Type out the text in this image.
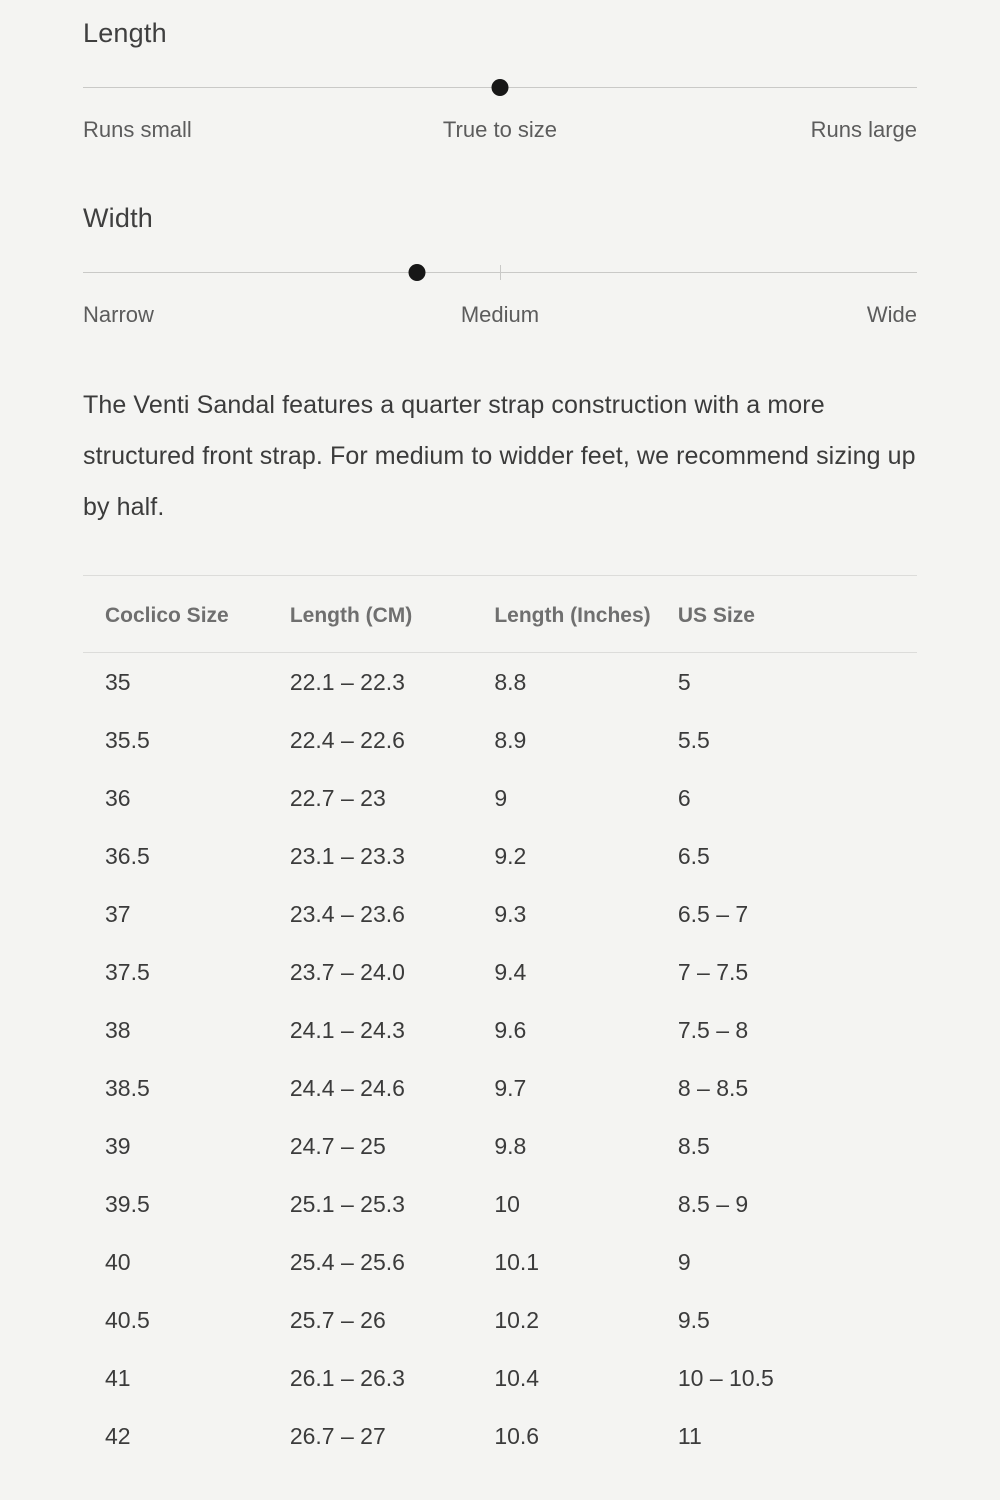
Length
Runs small	True to size	Runs large
Width
Narrow	Medium	Wide

The Venti Sandal features a quarter strap construction with a more structured front strap. For medium to widder feet, we recommend sizing up by half.

Coclico Size	Length (CM)	Length (Inches)	US Size
35	22.1 – 22.3	8.8	5
35.5	22.4 – 22.6	8.9	5.5
36	22.7 – 23	9	6
36.5	23.1 – 23.3	9.2	6.5
37	23.4 – 23.6	9.3	6.5 – 7
37.5	23.7 – 24.0	9.4	7 – 7.5
38	24.1 – 24.3	9.6	7.5 – 8
38.5	24.4 – 24.6	9.7	8 – 8.5
39	24.7 – 25	9.8	8.5
39.5	25.1 – 25.3	10	8.5 – 9
40	25.4 – 25.6	10.1	9
40.5	25.7 – 26	10.2	9.5
41	26.1 – 26.3	10.4	10 – 10.5
42	26.7 – 27	10.6	11
